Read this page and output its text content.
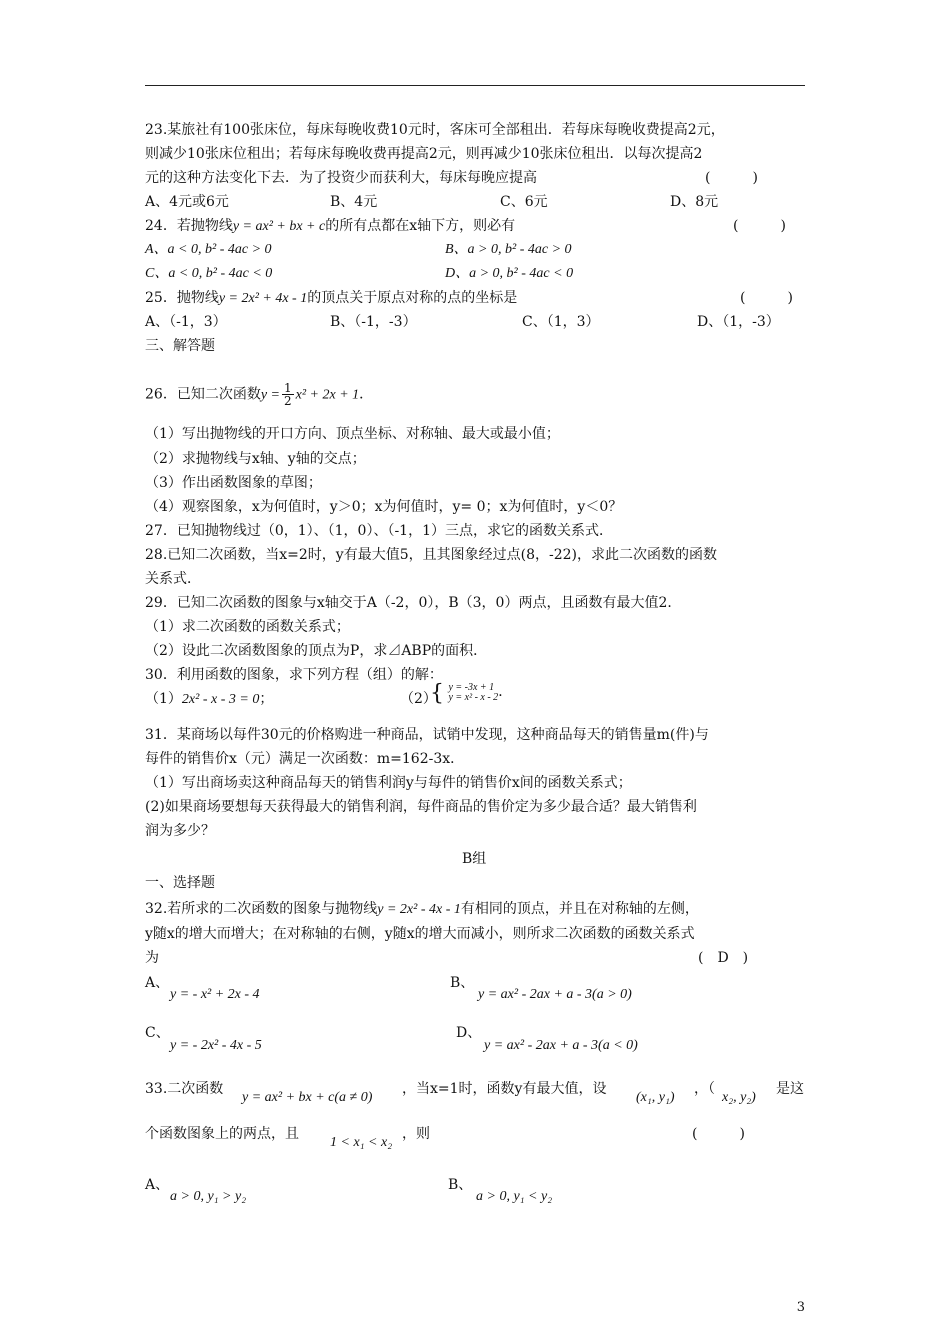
23.某旅社有100张床位，每床每晚收费10元时，客床可全部租出．若每床每晚收费提高2元，
则减少10张床位租出；若每床每晚收费再提高2元，则再减少10张床位租出．以每次提高2
元的这种方法变化下去．为了投资少而获利大，每床每晚应提高	(　　　)
A、4元或6元	B、4元	C、6元	D、8元
24．若抛物线y = ax² + bx + c的所有点都在x轴下方，则必有	(　　　)
A、a < 0, b² - 4ac > 0	B、a > 0, b² - 4ac > 0
C、a < 0, b² - 4ac < 0	D、a > 0, b² - 4ac < 0
25．抛物线y = 2x² + 4x - 1的顶点关于原点对称的点的坐标是	(　　　)
A、（-1，3）	B、（-1，-3）	C、（1，3）	D、（1，-3）
三、解答题
26．已知二次函数$y = \frac{1}{2} x^2 + 2x + 1$．
（1）写出抛物线的开口方向、顶点坐标、对称轴、最大或最小值；
（2）求抛物线与x轴、y轴的交点；
（3）作出函数图象的草图；
（4）观察图象，x为何值时，y＞0；x为何值时，y= 0；x为何值时，y＜0？
27．已知抛物线过（0，1）、（1，0）、（-1，1）三点，求它的函数关系式．
28.已知二次函数，当x=2时，y有最大值5，且其图象经过点(8，-22)，求此二次函数的函数
关系式．
29．已知二次函数的图象与x轴交于A（-2，0），B（3，0）两点，且函数有最大值2．
（1）求二次函数的函数关系式；
（2）设此二次函数图象的顶点为P，求⊿ABP的面积．
30．利用函数的图象，求下列方程（组）的解：
（1）2x² - x - 3 = 0；	（2）
{ y = -3x + 1
y = x² - x - 2 ．
31．某商场以每件30元的价格购进一种商品，试销中发现，这种商品每天的销售量m(件)与
每件的销售价x（元）满足一次函数：m=162-3x．
（1）写出商场卖这种商品每天的销售利润y与每件的销售价x间的函数关系式；
(2)如果商场要想每天获得最大的销售利润，每件商品的售价定为多少最合适？最大销售利
润为多少？
B组
一、选择题
32.若所求的二次函数的图象与抛物线y = 2x² - 4x - 1有相同的顶点，并且在对称轴的左侧，
y随x的增大而增大；在对称轴的右侧，y随x的增大而减小，则所求二次函数的函数关系式
为	(　D　)
A、
y = - x² + 2x - 4
B、
y = ax² - 2ax + a - 3(a > 0)
C、
y = - 2x² - 4x - 5
D、
y = ax² - 2ax + a - 3(a < 0)
33.二次函数
y = ax² + bx + c(a ≠ 0)
，当x=1时，函数y有最大值，设
(x₁, y₁)
，（
x₂, y₂)
是这
个函数图象上的两点，且
1 < x₁ < x₂
，则	(　　　)
A、
a > 0, y₁ > y₂
B、
a > 0, y₁ < y₂
3
